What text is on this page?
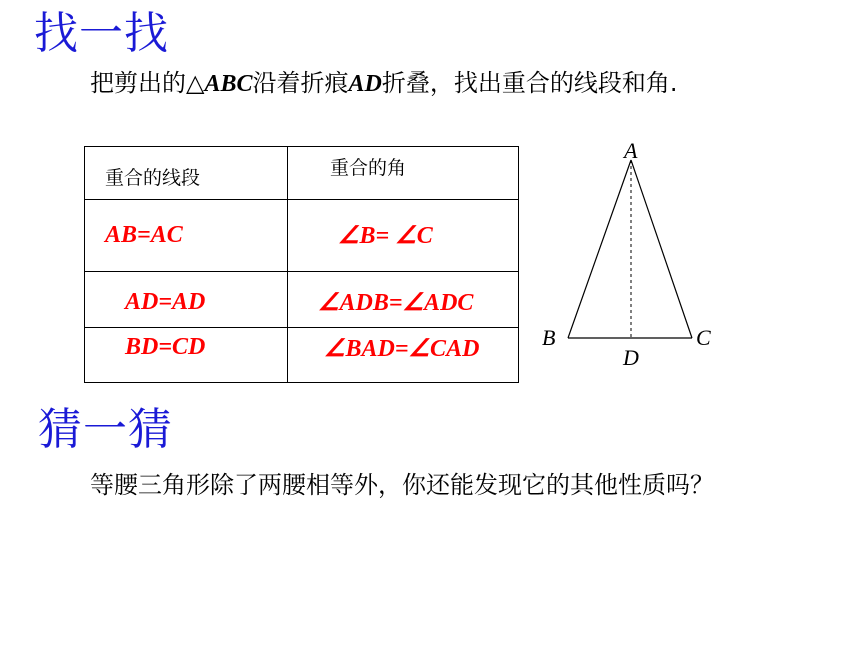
找一找
把剪出的△ABC沿着折痕AD折叠，找出重合的线段和角.
重合的线段	重合的角
AB=AC	∠B= ∠C
AD=AD	∠ADB=∠ADC
BD=CD	∠BAD=∠CAD
A
B	C
D
猜一猜
等腰三角形除了两腰相等外，你还能发现它的其他性质吗？
